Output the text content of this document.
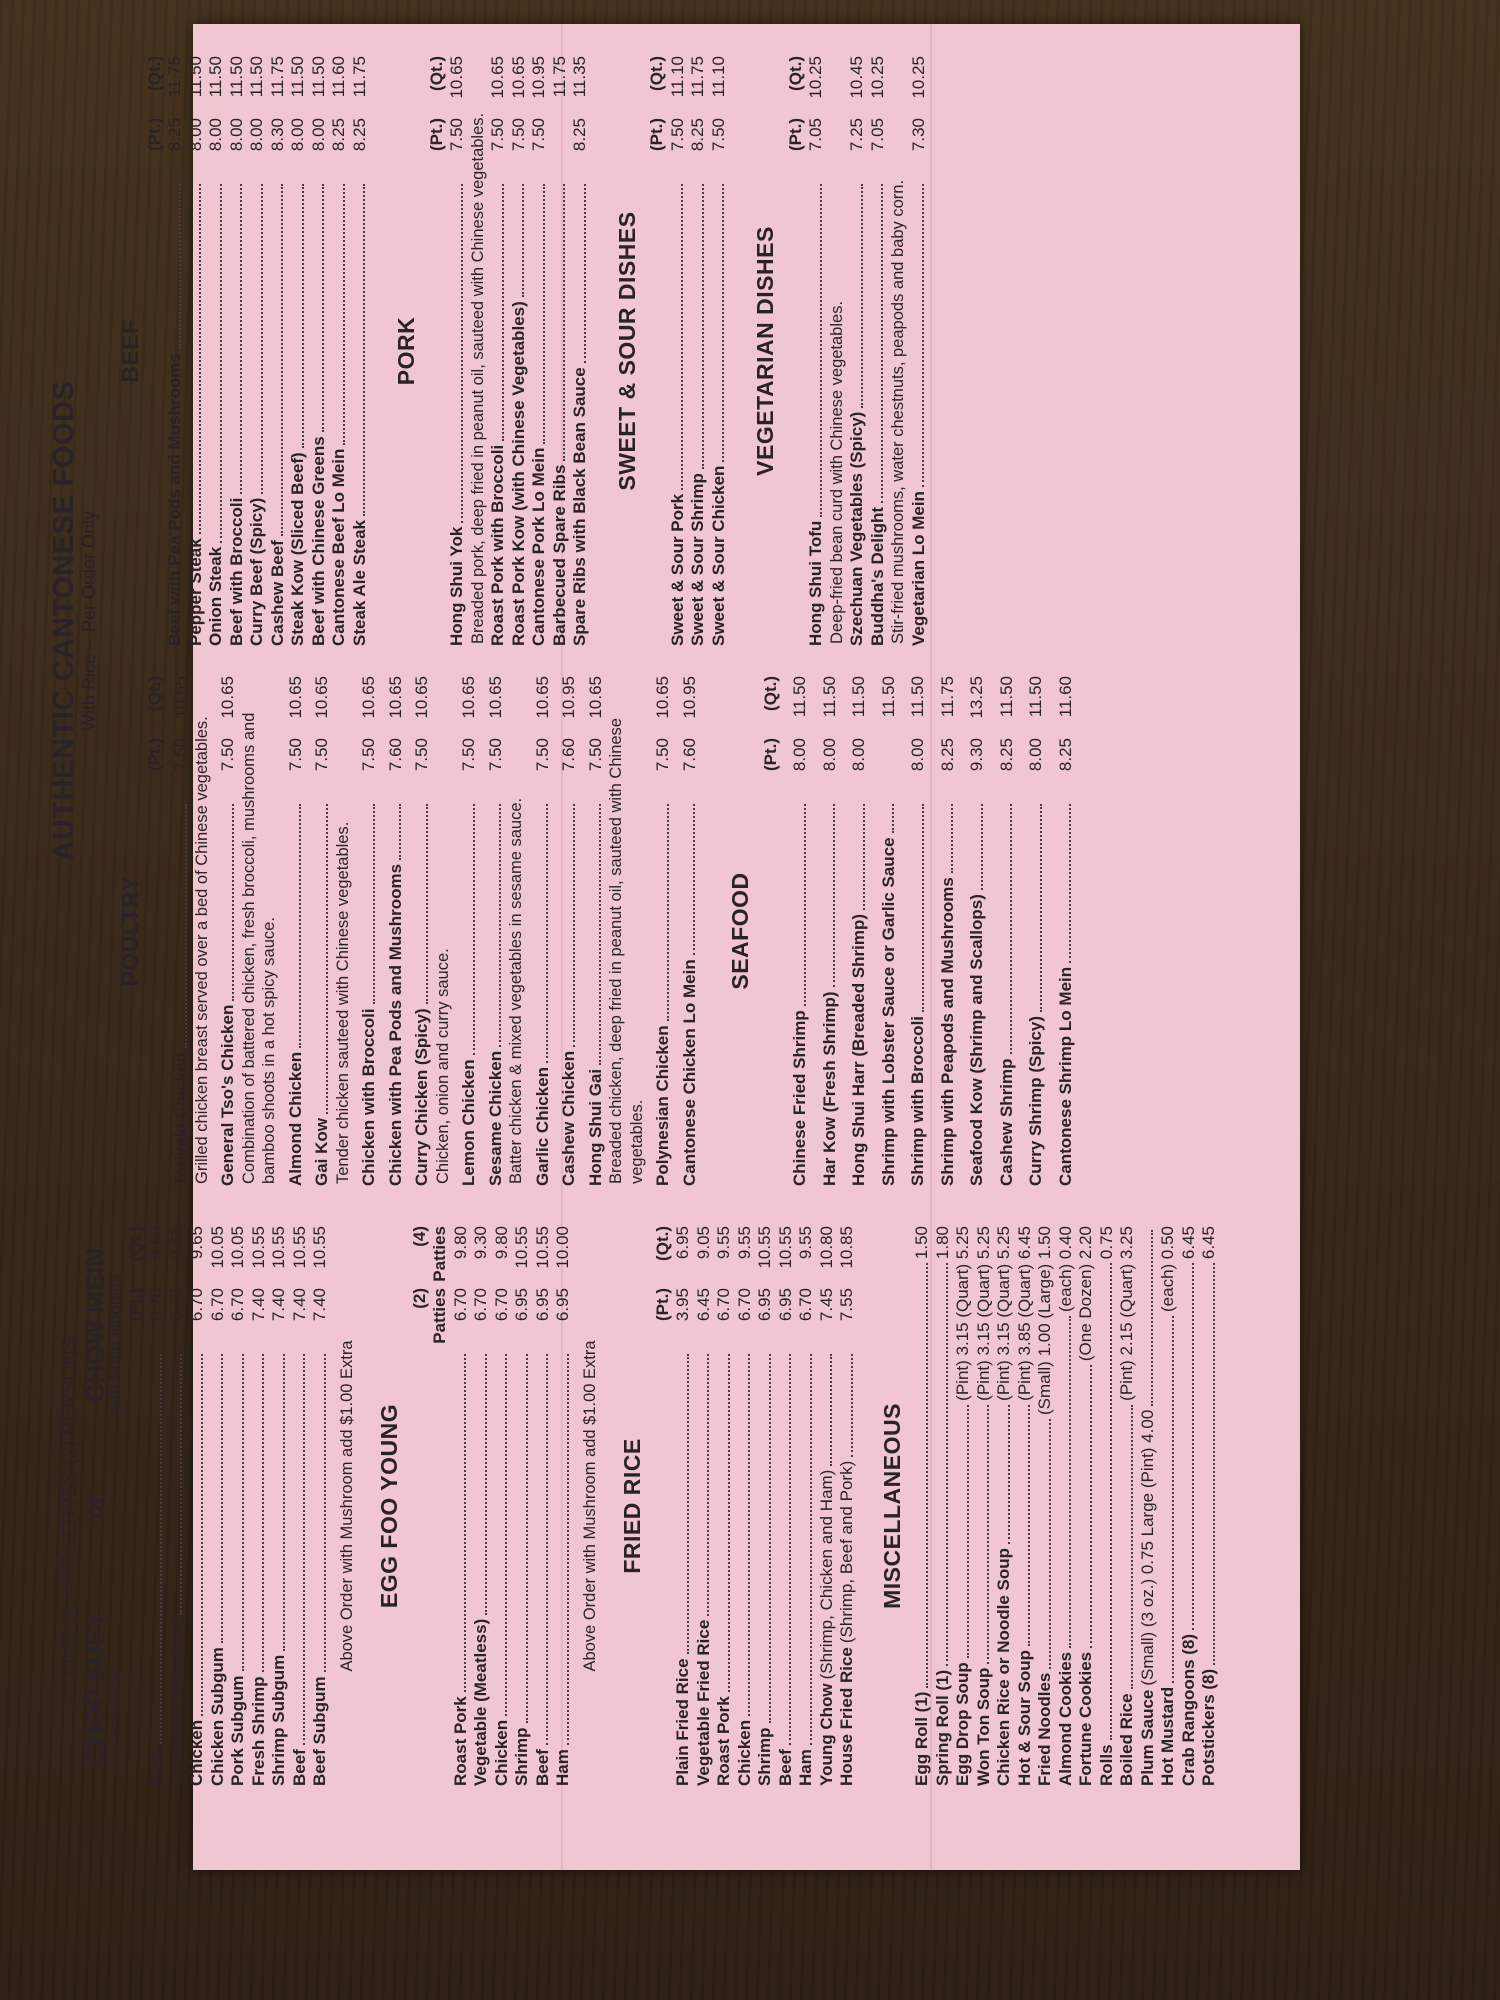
ONE QUART SERVES (2) PERSONS
CHOP SUEY
or
CHOW MEIN
with Rice
with Fried Noodles (Pt.)
(Qt.)
Pork
6.70
9.65
Vegetable (Meatless)
6.70
9.65
Chicken
6.70
9.65
Chicken Subgum
6.70
10.05
Pork Subgum
6.70
10.05
Fresh Shrimp
7.40
10.55
Shrimp Subgum
7.40
10.55
Beef
7.40
10.55
Beef Subgum
7.40
10.55
Above Order with Mushroom add $1.00 Extra EGG FOO YOUNG
(2)
(4)
Patties
Patties
Roast Pork
6.70
9.80
Vegetable (Meatless)
6.70
9.30
Chicken
6.70
9.80
Shrimp
6.95
10.55
Beef
6.95
10.55
Ham
6.95
10.00
Above Order with Mushroom add $1.00 Extra FRIED RICE
(Pt.)
(Qt.)
Plain Fried Rice
3.95
6.95
Vegetable Fried Rice
6.45
9.05
Roast Pork
6.70
9.55
Chicken
6.70
9.55
Shrimp
6.95
10.55
Beef
6.95
10.55
Ham
6.70
9.55
Young Chow
(Shrimp, Chicken and Ham)
7.45
10.80
House Fried Rice
(Shrimp, Beef and Pork)
7.55
10.85
MISCELLANEOUS
Egg Roll (1)
1.50
Spring Roll (1)
1.80
Egg Drop Soup
(Pint) 3.15 (Quart) 5.25
Won Ton Soup
(Pint) 3.15 (Quart) 5.25
Chicken Rice or Noodle Soup
(Pint) 3.15 (Quart) 5.25
Hot & Sour Soup
(Pint) 3.85 (Quart) 6.45
Fried Noodles
(Small) 1.00 (Large) 1.50
Almond Cookies
(each) 0.40
Fortune Cookies
(One Dozen) 2.20
Rolls
0.75
Boiled Rice
(Pint) 2.15 (Quart) 3.25
Plum Sauce
(Small) (3 oz.) 0.75 Large (Pint) 4.00
Hot Mustard
(each) 0.50
Crab Rangoons (8)
6.45
Potstickers (8)
6.45
AUTHENTIC CANTONESE FOODS
With Rice -- Per Order Only
POULTRY
(Pt.)
(Qt.)
Teriyaki Chicken
7.50
10.65
Grilled chicken breast served over a bed of Chinese vegetables. General Tso's Chicken
7.50
10.65
Combination of battered chicken, fresh broccoli, mushrooms and bamboo shoots in a hot spicy sauce. Almond Chicken
7.50
10.65
Gai Kow
7.50
10.65
Tender chicken sauteed with Chinese vegetables. Chicken with Broccoli
7.50
10.65
Chicken with Pea Pods and Mushrooms
7.60
10.65
Curry Chicken (Spicy)
7.50
10.65
Chicken, onion and curry sauce. Lemon Chicken
7.50
10.65
Sesame Chicken
7.50
10.65
Batter chicken & mixed vegetables in sesame sauce. Garlic Chicken
7.50
10.65
Cashew Chicken
7.60
10.95
Hong Shui Gai
7.50
10.65
Breaded chicken, deep fried in peanut oil, sauteed with Chinese vegetables. Polynesian Chicken
7.50
10.65
Cantonese Chicken Lo Mein
7.60
10.95
SEAFOOD
(Pt.)
(Qt.)
Chinese Fried Shrimp
8.00
11.50
Har Kow (Fresh Shrimp)
8.00
11.50
Hong Shui Harr (Breaded Shrimp)
8.00
11.50
Shrimp with Lobster Sauce or Garlic Sauce
11.50
Shrimp with Broccoli
8.00
11.50
Shrimp with Peapods and Mushrooms
8.25
11.75
Seafood Kow (Shrimp and Scallops)
9.30
13.25
Cashew Shrimp
8.25
11.50
Curry Shrimp (Spicy)
8.00
11.50
Cantonese Shrimp Lo Mein
8.25
11.60
BEEF
(Pt.)
(Qt.)
Beef with Pea Pods and Mushrooms
8.25
11.75
Pepper Steak
8.00
11.50
Onion Steak
8.00
11.50
Beef with Broccoli
8.00
11.50
Curry Beef (Spicy)
8.00
11.50
Cashew Beef
8.30
11.75
Steak Kow (Sliced Beef)
8.00
11.50
Beef with Chinese Greens
8.00
11.50
Cantonese Beef Lo Mein
8.25
11.60
Steak Ale Steak
8.25
11.75
PORK
(Pt.)
(Qt.)
Hong Shui Yok
7.50
10.65
Breaded pork, deep fried in peanut oil, sauteed with Chinese vegetables. Roast Pork with Broccoli
7.50
10.65
Roast Pork Kow (with Chinese Vegetables)
7.50
10.65
Cantonese Pork Lo Mein
7.50
10.95
Barbecued Spare Ribs
11.75
Spare Ribs with Black Bean Sauce
8.25
11.35
SWEET & SOUR DISHES
(Pt.)
(Qt.)
Sweet & Sour Pork
7.50
11.10
Sweet & Sour Shrimp
8.25
11.75
Sweet & Sour Chicken
7.50
11.10
VEGETARIAN DISHES
(Pt.)
(Qt.)
Hong Shui Tofu
7.05
10.25
Deep-fried bean curd with Chinese vegetables. Szechuan Vegetables (Spicy)
7.25
10.45
Buddha's Delight
7.05
10.25
Stir-fried mushrooms, water chestnuts, peapods and baby corn. Vegetarian Lo Mein
7.30
10.25
